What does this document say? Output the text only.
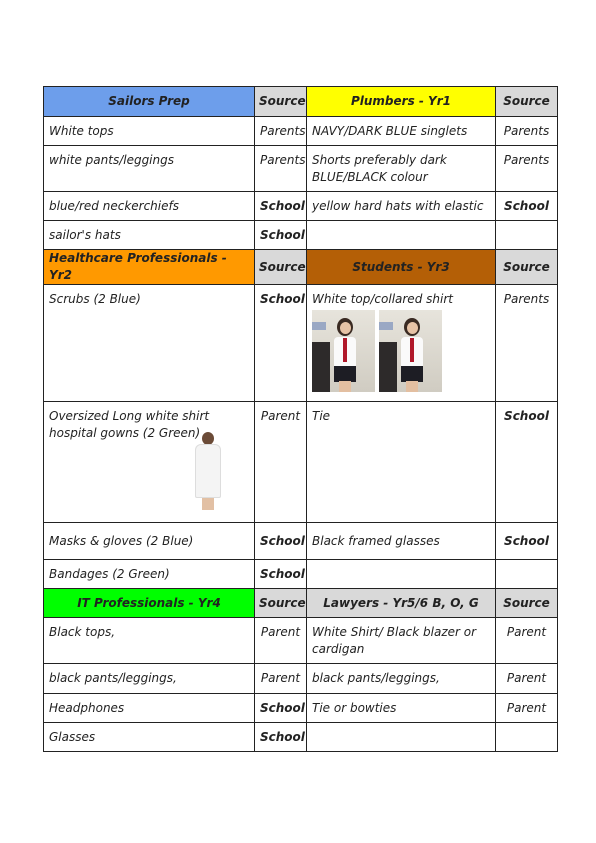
Sailors Prep	Source	Plumbers - Yr1	Source
White tops	Parents	NAVY/DARK BLUE singlets	Parents
white pants/leggings	Parents	Shorts preferably dark BLUE/BLACK colour	Parents
blue/red neckerchiefs	School	yellow hard hats with elastic	School
sailor's hats	School		
Healthcare Professionals - Yr2	Source	Students - Yr3	Source
Scrubs (2 Blue)	School	White top/collared shirt	Parents

Oversized Long white shirt hospital gowns (2 Green)	Parent	Tie	School
Masks & gloves (2 Blue)	School	Black framed glasses	School
Bandages (2 Green)	School		
IT Professionals - Yr4	Source	Lawyers - Yr5/6 B, O, G	Source
Black tops,	Parent	White Shirt/ Black blazer or cardigan	Parent
black pants/leggings,	Parent	black pants/leggings,	Parent
Headphones	School	Tie or bowties	Parent
Glasses	School		
